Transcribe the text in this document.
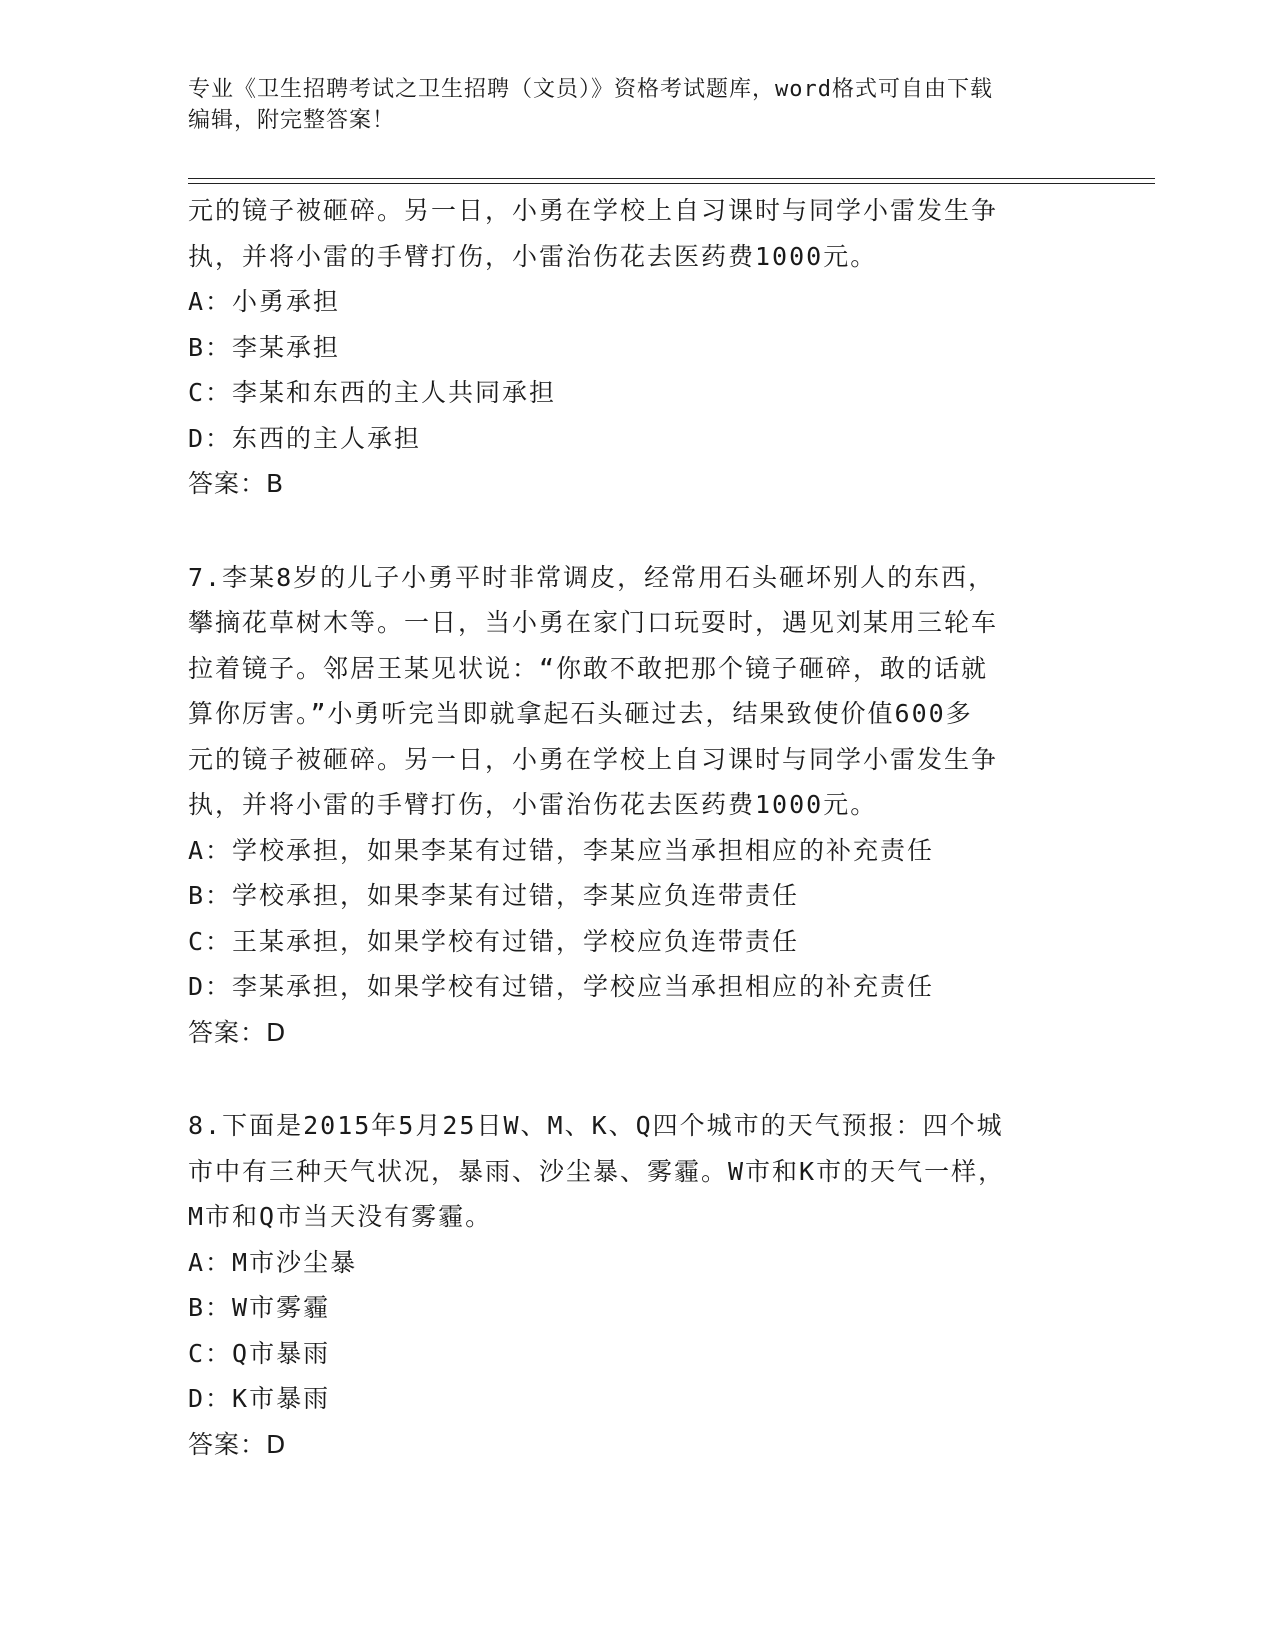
专业《卫生招聘考试之卫生招聘（文员）》资格考试题库，word格式可自由下载
编辑，附完整答案！
元的镜子被砸碎。另一日，小勇在学校上自习课时与同学小雷发生争
执，并将小雷的手臂打伤，小雷治伤花去医药费1000元。
A：小勇承担
B：李某承担
C：李某和东西的主人共同承担
D：东西的主人承担
答案：B
7.李某8岁的儿子小勇平时非常调皮，经常用石头砸坏别人的东西，
攀摘花草树木等。一日，当小勇在家门口玩耍时，遇见刘某用三轮车
拉着镜子。邻居王某见状说：“你敢不敢把那个镜子砸碎，敢的话就
算你厉害。”小勇听完当即就拿起石头砸过去，结果致使价值600多
元的镜子被砸碎。另一日，小勇在学校上自习课时与同学小雷发生争
执，并将小雷的手臂打伤，小雷治伤花去医药费1000元。
A：学校承担，如果李某有过错，李某应当承担相应的补充责任
B：学校承担，如果李某有过错，李某应负连带责任
C：王某承担，如果学校有过错，学校应负连带责任
D：李某承担，如果学校有过错，学校应当承担相应的补充责任
答案：D
8.下面是2015年5月25日W、M、K、Q四个城市的天气预报：四个城
市中有三种天气状况，暴雨、沙尘暴、雾霾。W市和K市的天气一样，
M市和Q市当天没有雾霾。
A：M市沙尘暴
B：W市雾霾
C：Q市暴雨
D：K市暴雨
答案：D
